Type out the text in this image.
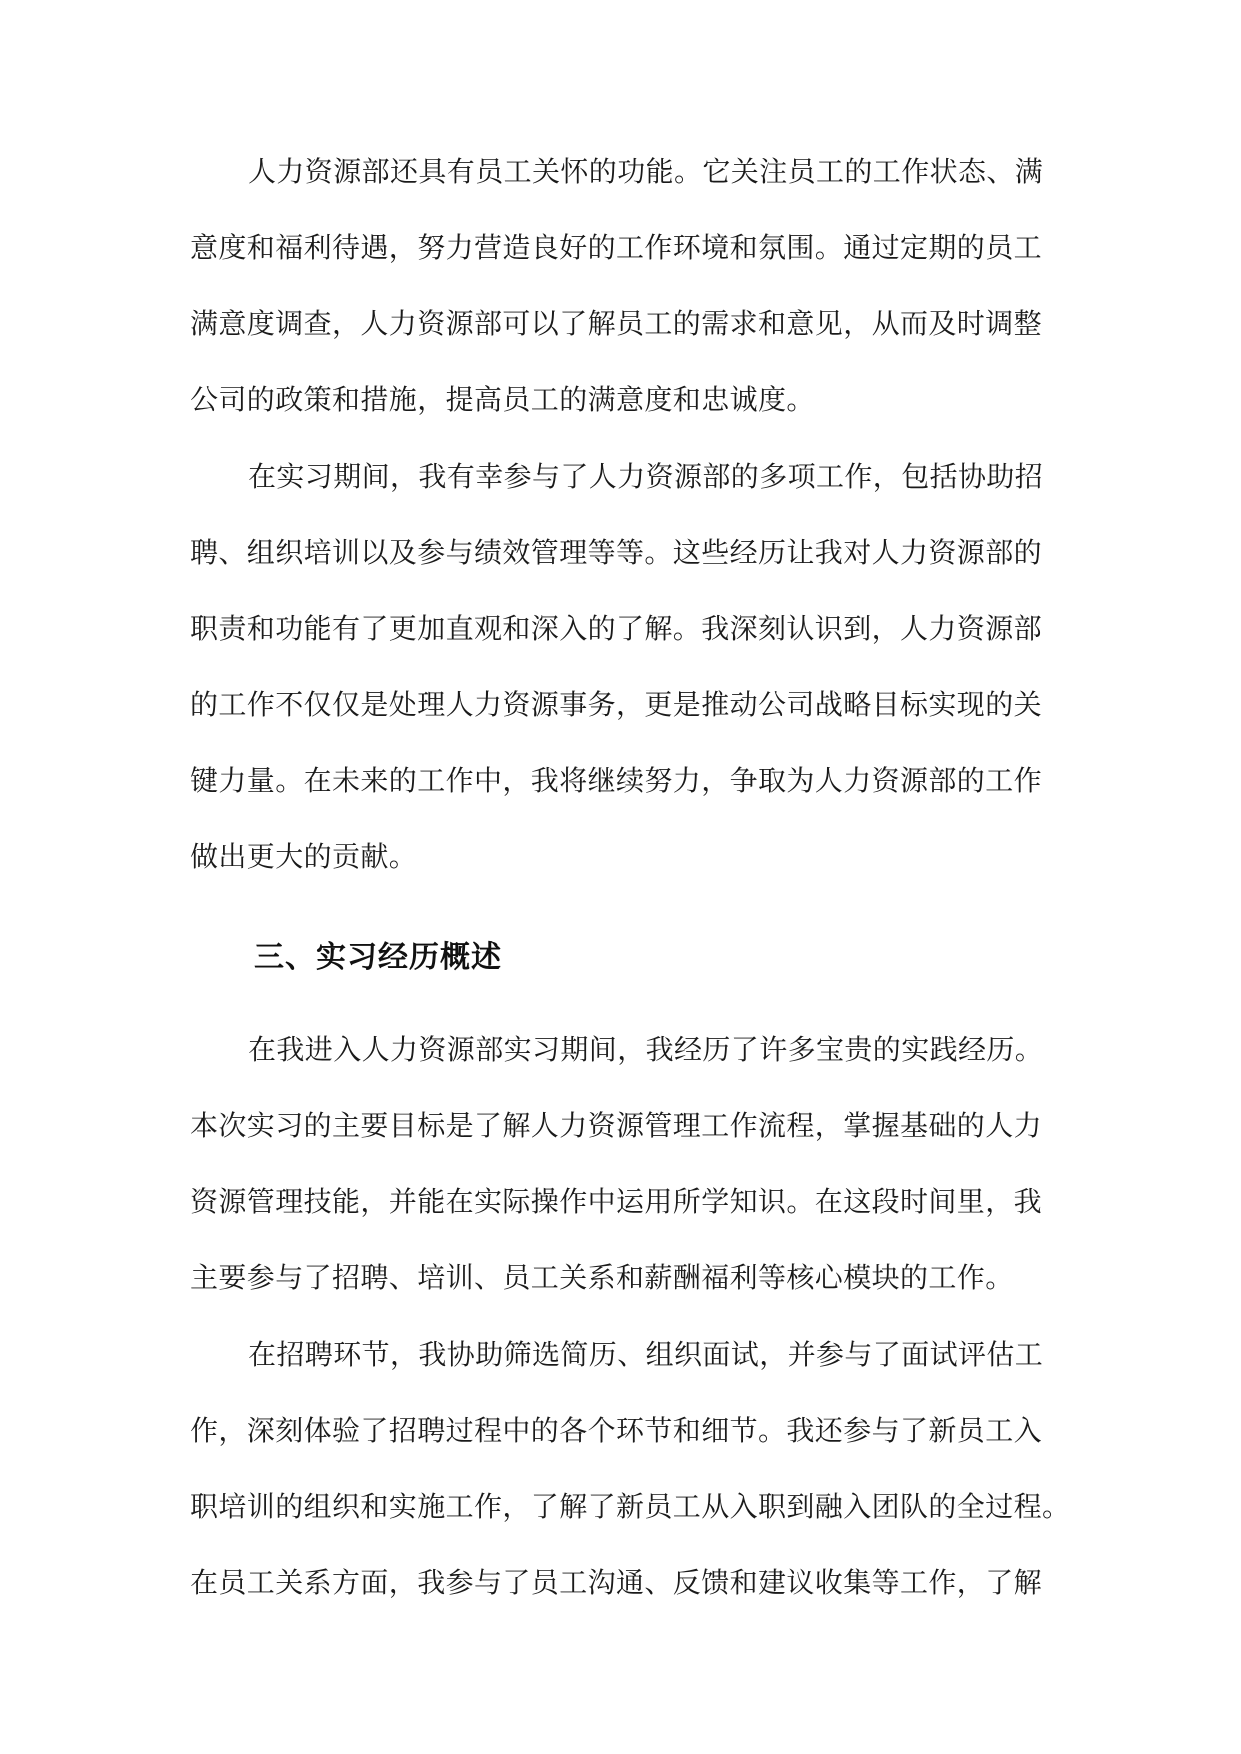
人力资源部还具有员工关怀的功能。它关注员工的工作状态、满
意度和福利待遇，努力营造良好的工作环境和氛围。通过定期的员工
满意度调查，人力资源部可以了解员工的需求和意见，从而及时调整
公司的政策和措施，提高员工的满意度和忠诚度。
在实习期间，我有幸参与了人力资源部的多项工作，包括协助招
聘、组织培训以及参与绩效管理等等。这些经历让我对人力资源部的
职责和功能有了更加直观和深入的了解。我深刻认识到，人力资源部
的工作不仅仅是处理人力资源事务，更是推动公司战略目标实现的关
键力量。在未来的工作中，我将继续努力，争取为人力资源部的工作
做出更大的贡献。
三、实习经历概述
在我进入人力资源部实习期间，我经历了许多宝贵的实践经历。
本次实习的主要目标是了解人力资源管理工作流程，掌握基础的人力
资源管理技能，并能在实际操作中运用所学知识。在这段时间里，我
主要参与了招聘、培训、员工关系和薪酬福利等核心模块的工作。
在招聘环节，我协助筛选简历、组织面试，并参与了面试评估工
作，深刻体验了招聘过程中的各个环节和细节。我还参与了新员工入
职培训的组织和实施工作，了解了新员工从入职到融入团队的全过程。
在员工关系方面，我参与了员工沟通、反馈和建议收集等工作，了解
